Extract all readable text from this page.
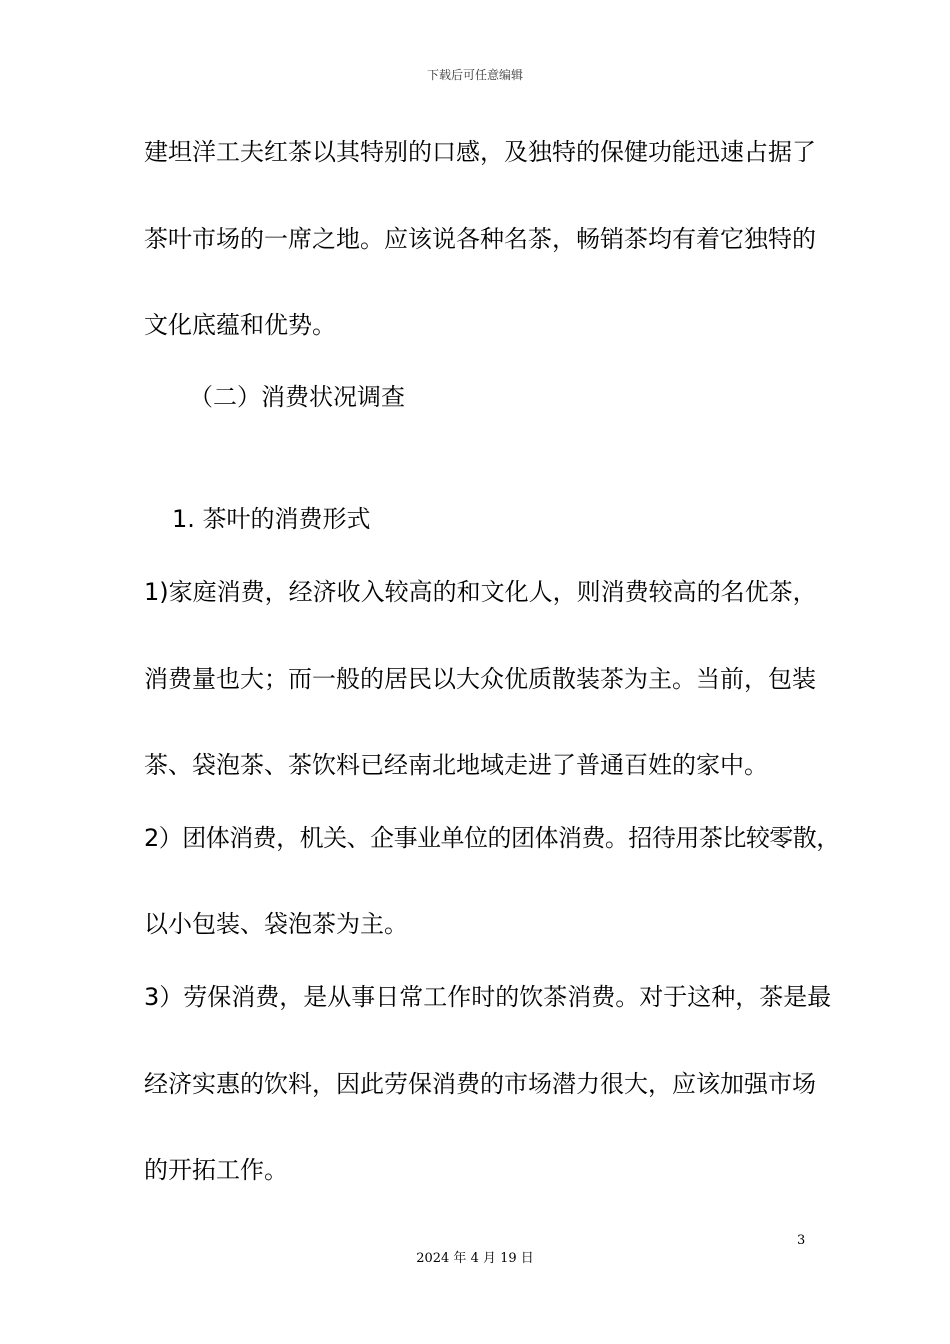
下载后可任意编辑
建坦洋工夫红茶以其特别的口感，及独特的保健功能迅速占据了
茶叶市场的一席之地。应该说各种名茶，畅销茶均有着它独特的
文化底蕴和优势。
（二）消费状况调查
1. 茶叶的消费形式
1)家庭消费，经济收入较高的和文化人，则消费较高的名优茶，
消费量也大；而一般的居民以大众优质散装茶为主。当前，包装
茶、袋泡茶、茶饮料已经南北地域走进了普通百姓的家中。
2）团体消费，机关、企事业单位的团体消费。招待用茶比较零散，
以小包装、袋泡茶为主。
3）劳保消费，是从事日常工作时的饮茶消费。对于这种，茶是最
经济实惠的饮料，因此劳保消费的市场潜力很大，应该加强市场
的开拓工作。
3
2024 年 4 月 19 日
